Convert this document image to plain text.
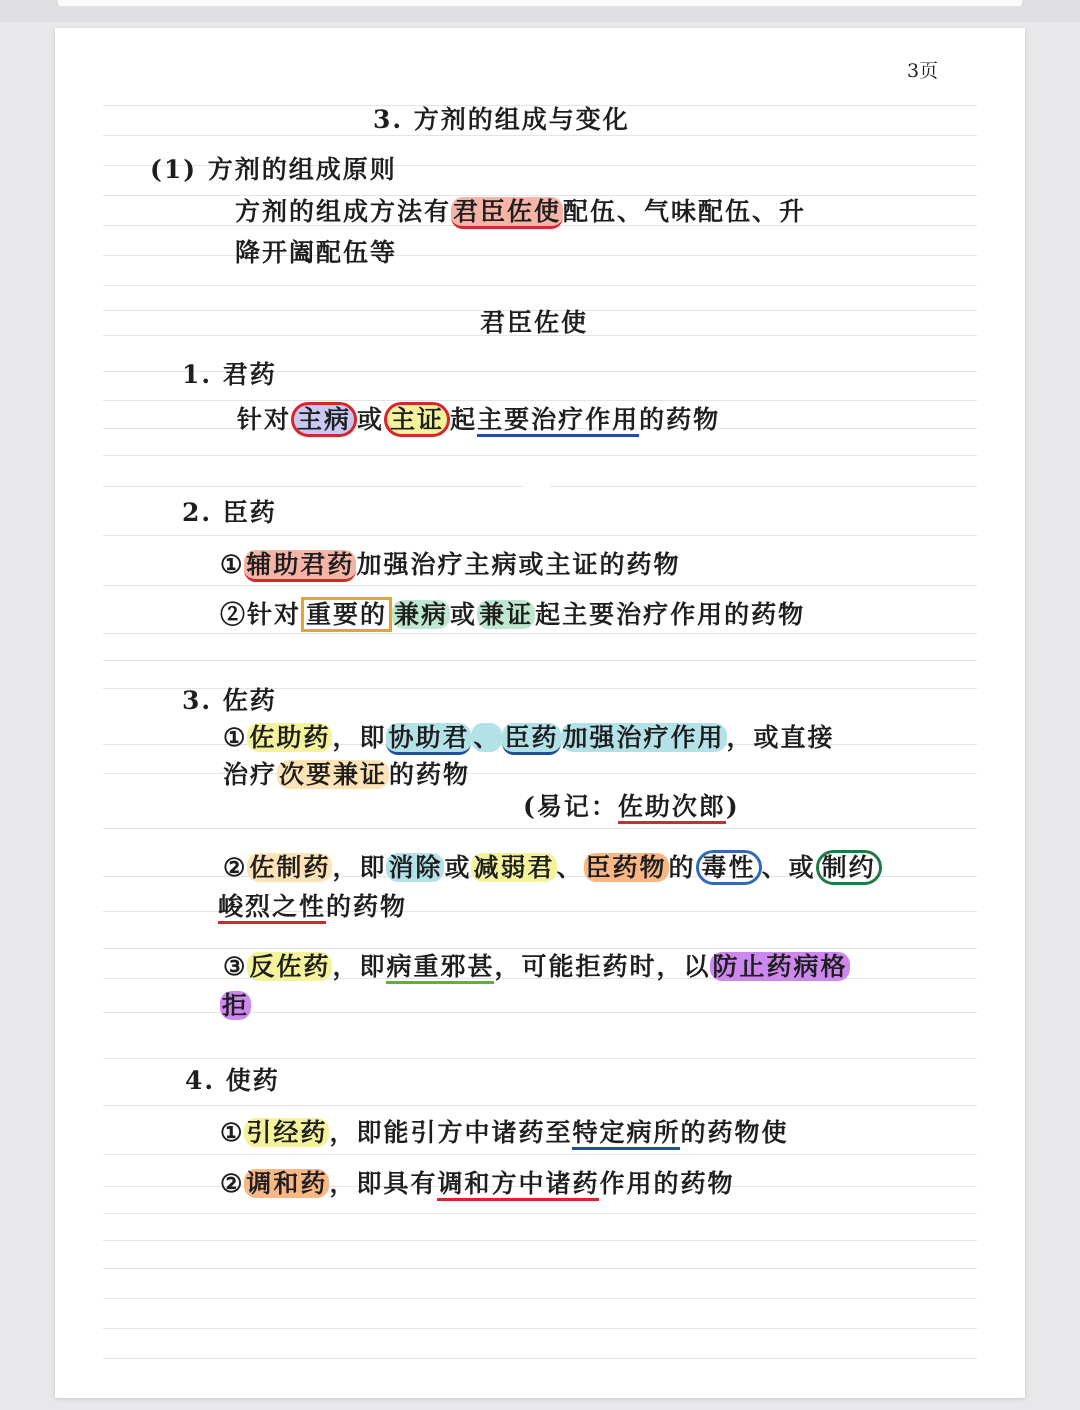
3页
3. 方剂的组成与变化
(1) 方剂的组成原则
方剂的组成方法有君臣佐使配伍、气味配伍、升
降开阖配伍等
君臣佐使
1. 君药
针对 主病 或 主证 起主要治疗作用的药物
2. 臣药
①辅助君药加强治疗主病或主证的药物
②针对 重要的 兼病或兼证起主要治疗作用的药物
3. 佐药
①佐助药，即协助君 、 臣药 加强治疗作用，或直接
治疗次要兼证的药物
(易记：佐助次郎)
②佐制药，即消除或减弱君、臣药物的 毒性 、或 制约
峻烈之性的药物
③反佐药，即病重邪甚，可能拒药时，以防止药病格
拒
4. 使药
①引经药，即能引方中诸药至特定病所的药物使
②调和药，即具有调和方中诸药作用的药物
